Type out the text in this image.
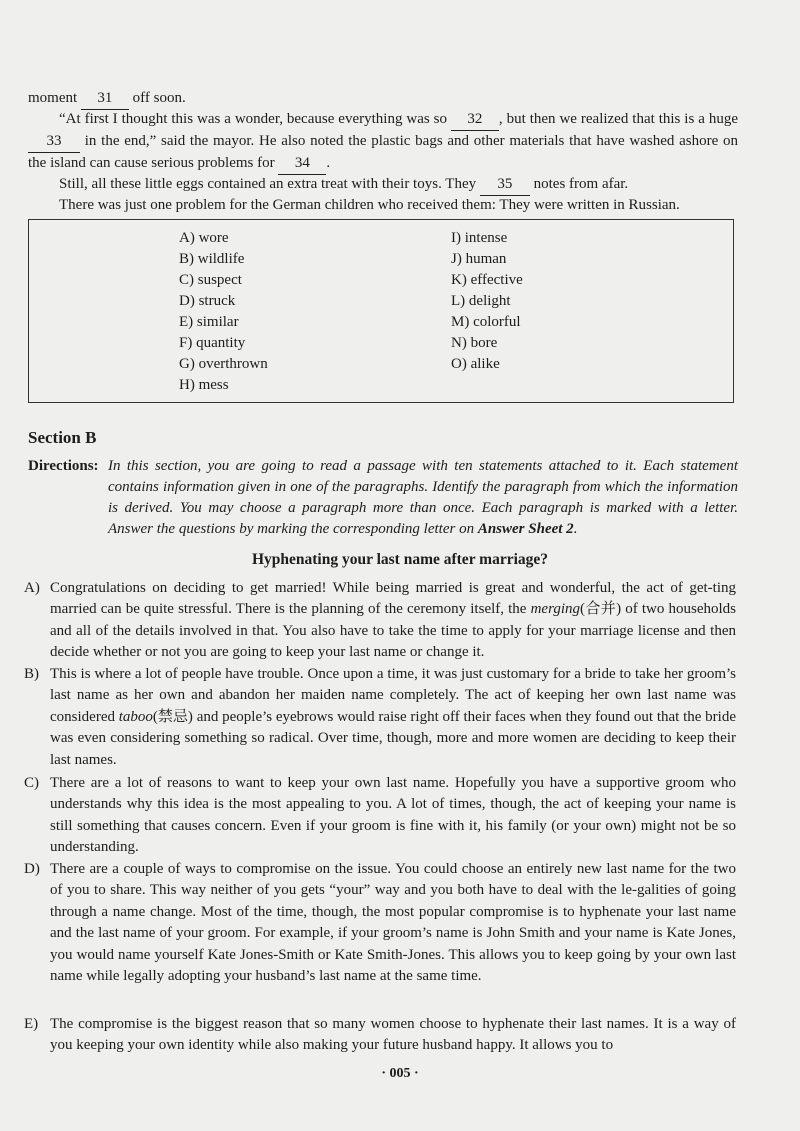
moment 31 off soon.
“At first I thought this was a wonder, because everything was so 32 , but then we realized that this is a huge 33 in the end,” said the mayor. He also noted the plastic bags and other materials that have washed ashore on the island can cause serious problems for 34 .
Still, all these little eggs contained an extra treat with their toys. They 35 notes from afar.
There was just one problem for the German children who received them: They were written in Russian.
A) wore
B) wildlife
C) suspect
D) struck
E) similar
F) quantity
G) overthrown
H) mess
I) intense
J) human
K) effective
L) delight
M) colorful
N) bore
O) alike
Section B
Directions: In this section, you are going to read a passage with ten statements attached to it. Each statement contains information given in one of the paragraphs. Identify the paragraph from which the information is derived. You may choose a paragraph more than once. Each paragraph is marked with a letter. Answer the questions by marking the corresponding letter on Answer Sheet 2.
Hyphenating your last name after marriage?
A) Congratulations on deciding to get married! While being married is great and wonderful, the act of get-ting married can be quite stressful. There is the planning of the ceremony itself, the merging(合并) of two households and all of the details involved in that. You also have to take the time to apply for your marriage license and then decide whether or not you are going to keep your last name or change it.
B) This is where a lot of people have trouble. Once upon a time, it was just customary for a bride to take her groom’s last name as her own and abandon her maiden name completely. The act of keeping her own last name was considered taboo(禁忌) and people’s eyebrows would raise right off their faces when they found out that the bride was even considering something so radical. Over time, though, more and more women are deciding to keep their last names.
C) There are a lot of reasons to want to keep your own last name. Hopefully you have a supportive groom who understands why this idea is the most appealing to you. A lot of times, though, the act of keeping your name is still something that causes concern. Even if your groom is fine with it, his family (or your own) might not be so understanding.
D) There are a couple of ways to compromise on the issue. You could choose an entirely new last name for the two of you to share. This way neither of you gets “your” way and you both have to deal with the le-galities of going through a name change. Most of the time, though, the most popular compromise is to hyphenate your last name and the last name of your groom. For example, if your groom’s name is John Smith and your name is Kate Jones, you would name yourself Kate Jones-Smith or Kate Smith-Jones. This allows you to keep going by your own last name while legally adopting your husband’s last name at the same time.
E) The compromise is the biggest reason that so many women choose to hyphenate their last names. It is a way of you keeping your own identity while also making your future husband happy. It allows you to
· 005 ·
